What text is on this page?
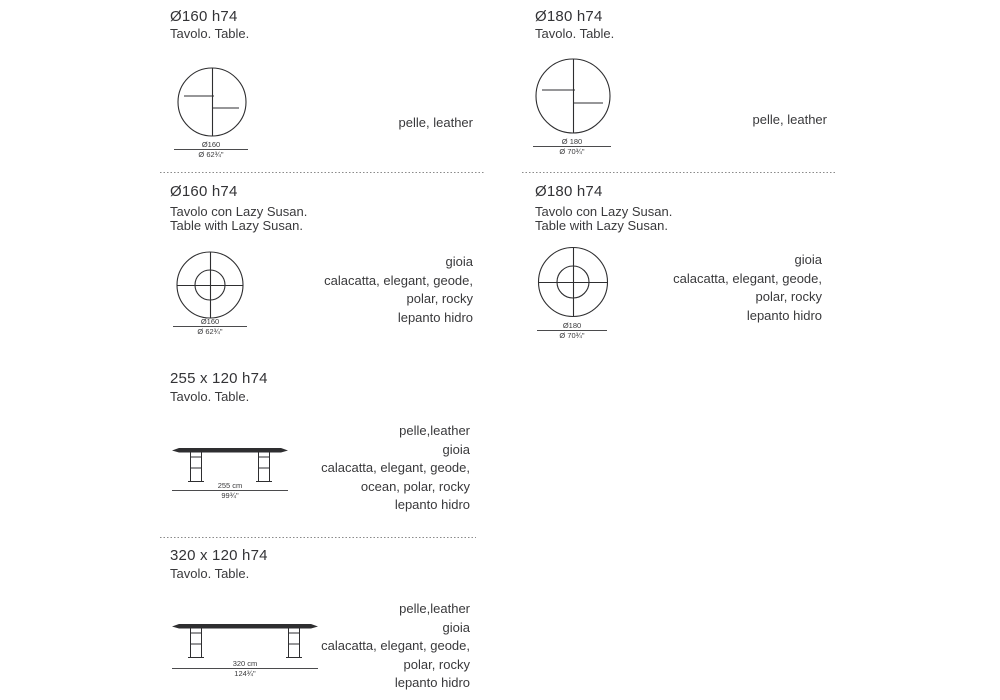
Ø160 h74
Tavolo. Table.
Ø160
Ø 62¾"
pelle, leather
Ø180 h74
Tavolo. Table.
Ø 180
Ø 70¾"
pelle, leather
Ø160 h74
Tavolo con Lazy Susan.
Table with Lazy Susan.
Ø160
Ø 62¾"
gioia
calacatta, elegant, geode,
polar, rocky
lepanto hidro
Ø180 h74
Tavolo con Lazy Susan.
Table with Lazy Susan.
Ø180
Ø 70¾"
gioia
calacatta, elegant, geode,
polar, rocky
lepanto hidro
255 x 120 h74
Tavolo. Table.
255 cm
99¾"
pelle,leather
gioia
calacatta, elegant, geode,
ocean, polar, rocky
lepanto hidro
320 x 120 h74
Tavolo. Table.
320 cm
124¾"
pelle,leather
gioia
calacatta, elegant, geode,
polar, rocky
lepanto hidro
